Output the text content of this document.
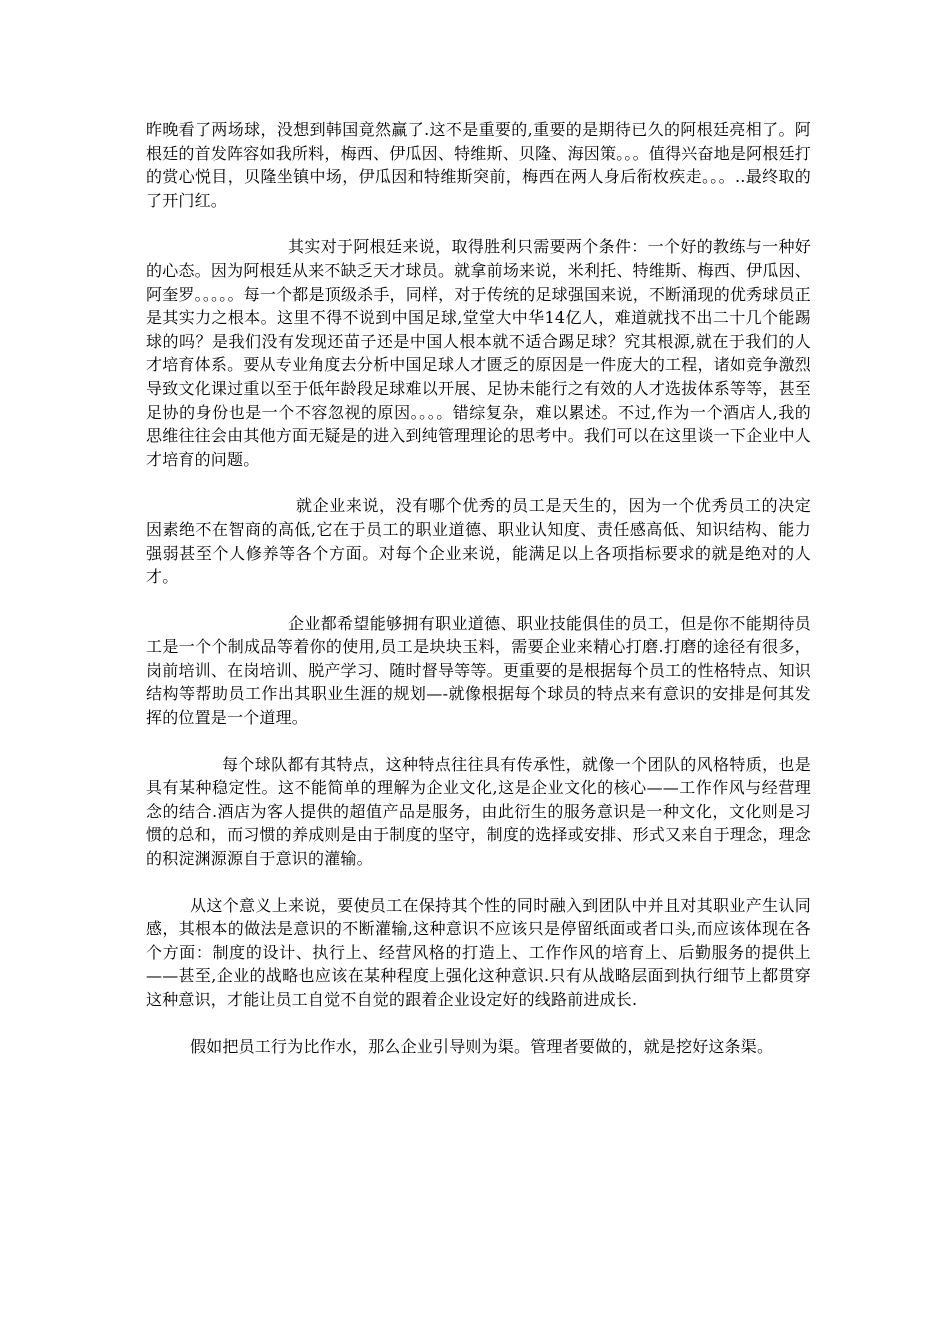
昨晚看了两场球，没想到韩国竟然赢了.这不是重要的,重要的是期待已久的阿根廷亮相了。阿根廷的首发阵容如我所料，梅西、伊瓜因、特维斯、贝隆、海因策。。。值得兴奋地是阿根廷打的赏心悦目，贝隆坐镇中场，伊瓜因和特维斯突前，梅西在两人身后衔枚疾走。。。..最终取的了开门红。

其实对于阿根廷来说，取得胜利只需要两个条件：一个好的教练与一种好的心态。因为阿根廷从来不缺乏天才球员。就拿前场来说，米利托、特维斯、梅西、伊瓜因、阿奎罗。。。。。每一个都是顶级杀手，同样，对于传统的足球强国来说，不断涌现的优秀球员正是其实力之根本。这里不得不说到中国足球,堂堂大中华14亿人，难道就找不出二十几个能踢球的吗？是我们没有发现还苗子还是中国人根本就不适合踢足球？究其根源,就在于我们的人才培育体系。要从专业角度去分析中国足球人才匮乏的原因是一件庞大的工程，诸如竞争激烈导致文化课过重以至于低年龄段足球难以开展、足协未能行之有效的人才选拔体系等等，甚至足协的身份也是一个不容忽视的原因。。。。错综复杂，难以累述。不过,作为一个酒店人,我的思维往往会由其他方面无疑是的进入到纯管理理论的思考中。我们可以在这里谈一下企业中人才培育的问题。

就企业来说，没有哪个优秀的员工是天生的，因为一个优秀员工的决定因素绝不在智商的高低,它在于员工的职业道德、职业认知度、责任感高低、知识结构、能力强弱甚至个人修养等各个方面。对每个企业来说，能满足以上各项指标要求的就是绝对的人才。

企业都希望能够拥有职业道德、职业技能俱佳的员工，但是你不能期待员工是一个个制成品等着你的使用,员工是块块玉料，需要企业来精心打磨.打磨的途径有很多，岗前培训、在岗培训、脱产学习、随时督导等等。更重要的是根据每个员工的性格特点、知识结构等帮助员工作出其职业生涯的规划—-就像根据每个球员的特点来有意识的安排是何其发挥的位置是一个道理。

每个球队都有其特点，这种特点往往具有传承性，就像一个团队的风格特质，也是具有某种稳定性。这不能简单的理解为企业文化,这是企业文化的核心——工作作风与经营理念的结合.酒店为客人提供的超值产品是服务，由此衍生的服务意识是一种文化，文化则是习惯的总和，而习惯的养成则是由于制度的坚守，制度的选择或安排、形式又来自于理念，理念的积淀渊源源自于意识的灌输。

从这个意义上来说，要使员工在保持其个性的同时融入到团队中并且对其职业产生认同感，其根本的做法是意识的不断灌输,这种意识不应该只是停留纸面或者口头,而应该体现在各个方面：制度的设计、执行上、经营风格的打造上、工作作风的培育上、后勤服务的提供上——甚至,企业的战略也应该在某种程度上强化这种意识.只有从战略层面到执行细节上都贯穿这种意识，才能让员工自觉不自觉的跟着企业设定好的线路前进成长.

假如把员工行为比作水，那么企业引导则为渠。管理者要做的，就是挖好这条渠。
